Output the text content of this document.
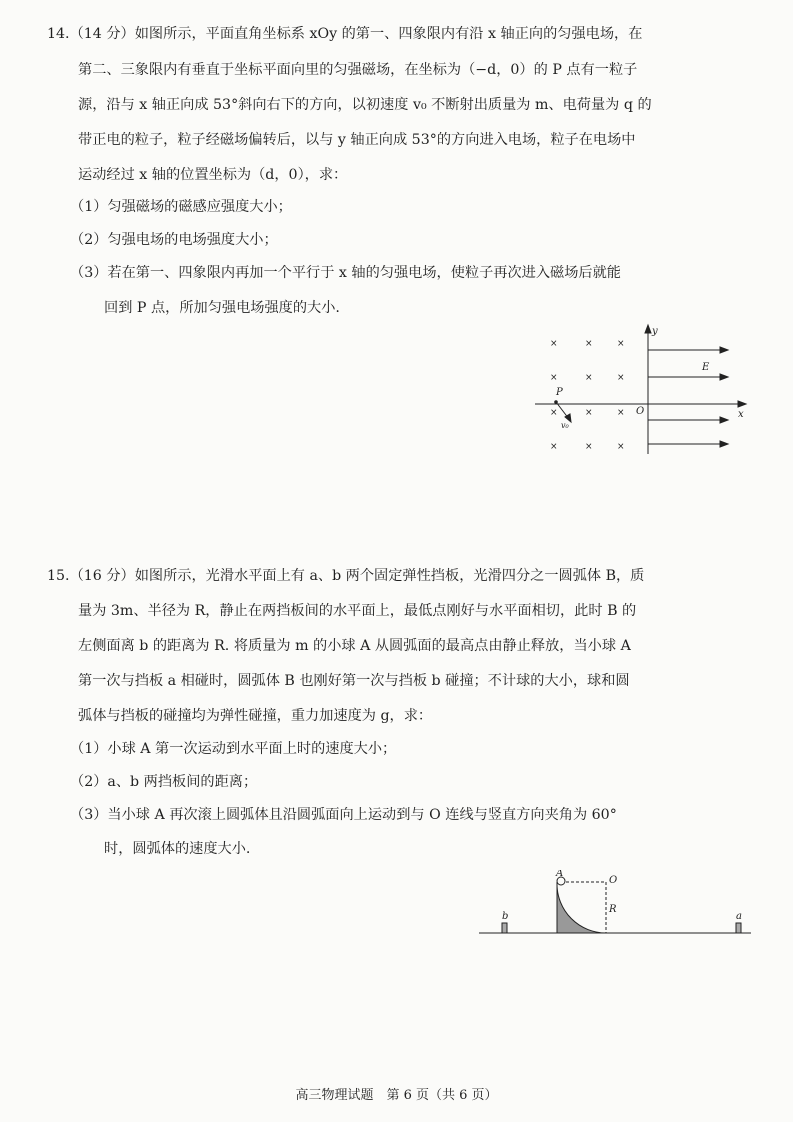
14.（14 分）如图所示，平面直角坐标系 xOy 的第一、四象限内有沿 x 轴正向的匀强电场，在
第二、三象限内有垂直于坐标平面向里的匀强磁场，在坐标为（−d，0）的 P 点有一粒子
源，沿与 x 轴正向成 53°斜向右下的方向，以初速度 v₀ 不断射出质量为 m、电荷量为 q 的
带正电的粒子，粒子经磁场偏转后，以与 y 轴正向成 53°的方向进入电场，粒子在电场中
运动经过 x 轴的位置坐标为（d，0），求：
（1）匀强磁场的磁感应强度大小；
（2）匀强电场的电场强度大小；
（3）若在第一、四象限内再加一个平行于 x 轴的匀强电场，使粒子再次进入磁场后就能
回到 P 点，所加匀强电场强度的大小.
×	×	×
×	×	×
×	×	×
×	×	×
y
x
E
P
O
v₀
15.（16 分）如图所示，光滑水平面上有 a、b 两个固定弹性挡板，光滑四分之一圆弧体 B，质
量为 3m、半径为 R，静止在两挡板间的水平面上，最低点刚好与水平面相切，此时 B 的
左侧面离 b 的距离为 R. 将质量为 m 的小球 A 从圆弧面的最高点由静止释放，当小球 A
第一次与挡板 a 相碰时，圆弧体 B 也刚好第一次与挡板 b 碰撞；不计球的大小，球和圆
弧体与挡板的碰撞均为弹性碰撞，重力加速度为 g，求：
（1）小球 A 第一次运动到水平面上时的速度大小；
（2）a、b 两挡板间的距离；
（3）当小球 A 再次滚上圆弧体且沿圆弧面向上运动到与 O 连线与竖直方向夹角为 60°
时，圆弧体的速度大小.
A
O
R
b	a
高三物理试题　第 6 页（共 6 页）
